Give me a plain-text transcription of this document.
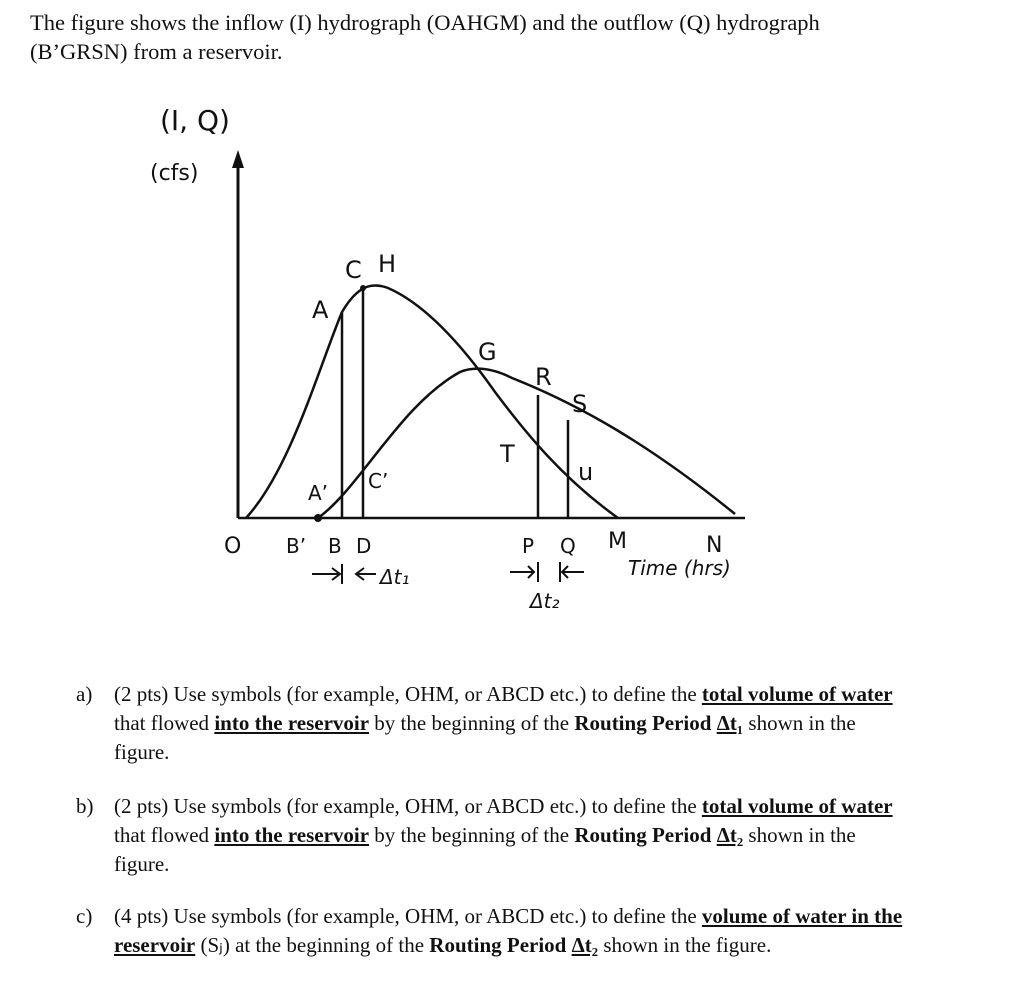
The figure shows the inflow (I) hydrograph (OAHGM) and the outflow (Q) hydrograph

(B’GRSN) from a reservoir.

(I, Q)
(cfs)
A
C H
G
R
S
T
u
A’ C’
O B’ B D	P Q M	N
Time (hrs)
Δt₁
Δt₂
a) (2 pts) Use symbols (for example, OHM, or ABCD etc.) to define the total volume of water that flowed into the reservoir by the beginning of the Routing Period Δt₁ shown in the figure.
b) (2 pts) Use symbols (for example, OHM, or ABCD etc.) to define the total volume of water that flowed into the reservoir by the beginning of the Routing Period Δt₂ shown in the figure.
c) (4 pts) Use symbols (for example, OHM, or ABCD etc.) to define the volume of water in the reservoir (Sⱼ) at the beginning of the Routing Period Δt₂ shown in the figure.
